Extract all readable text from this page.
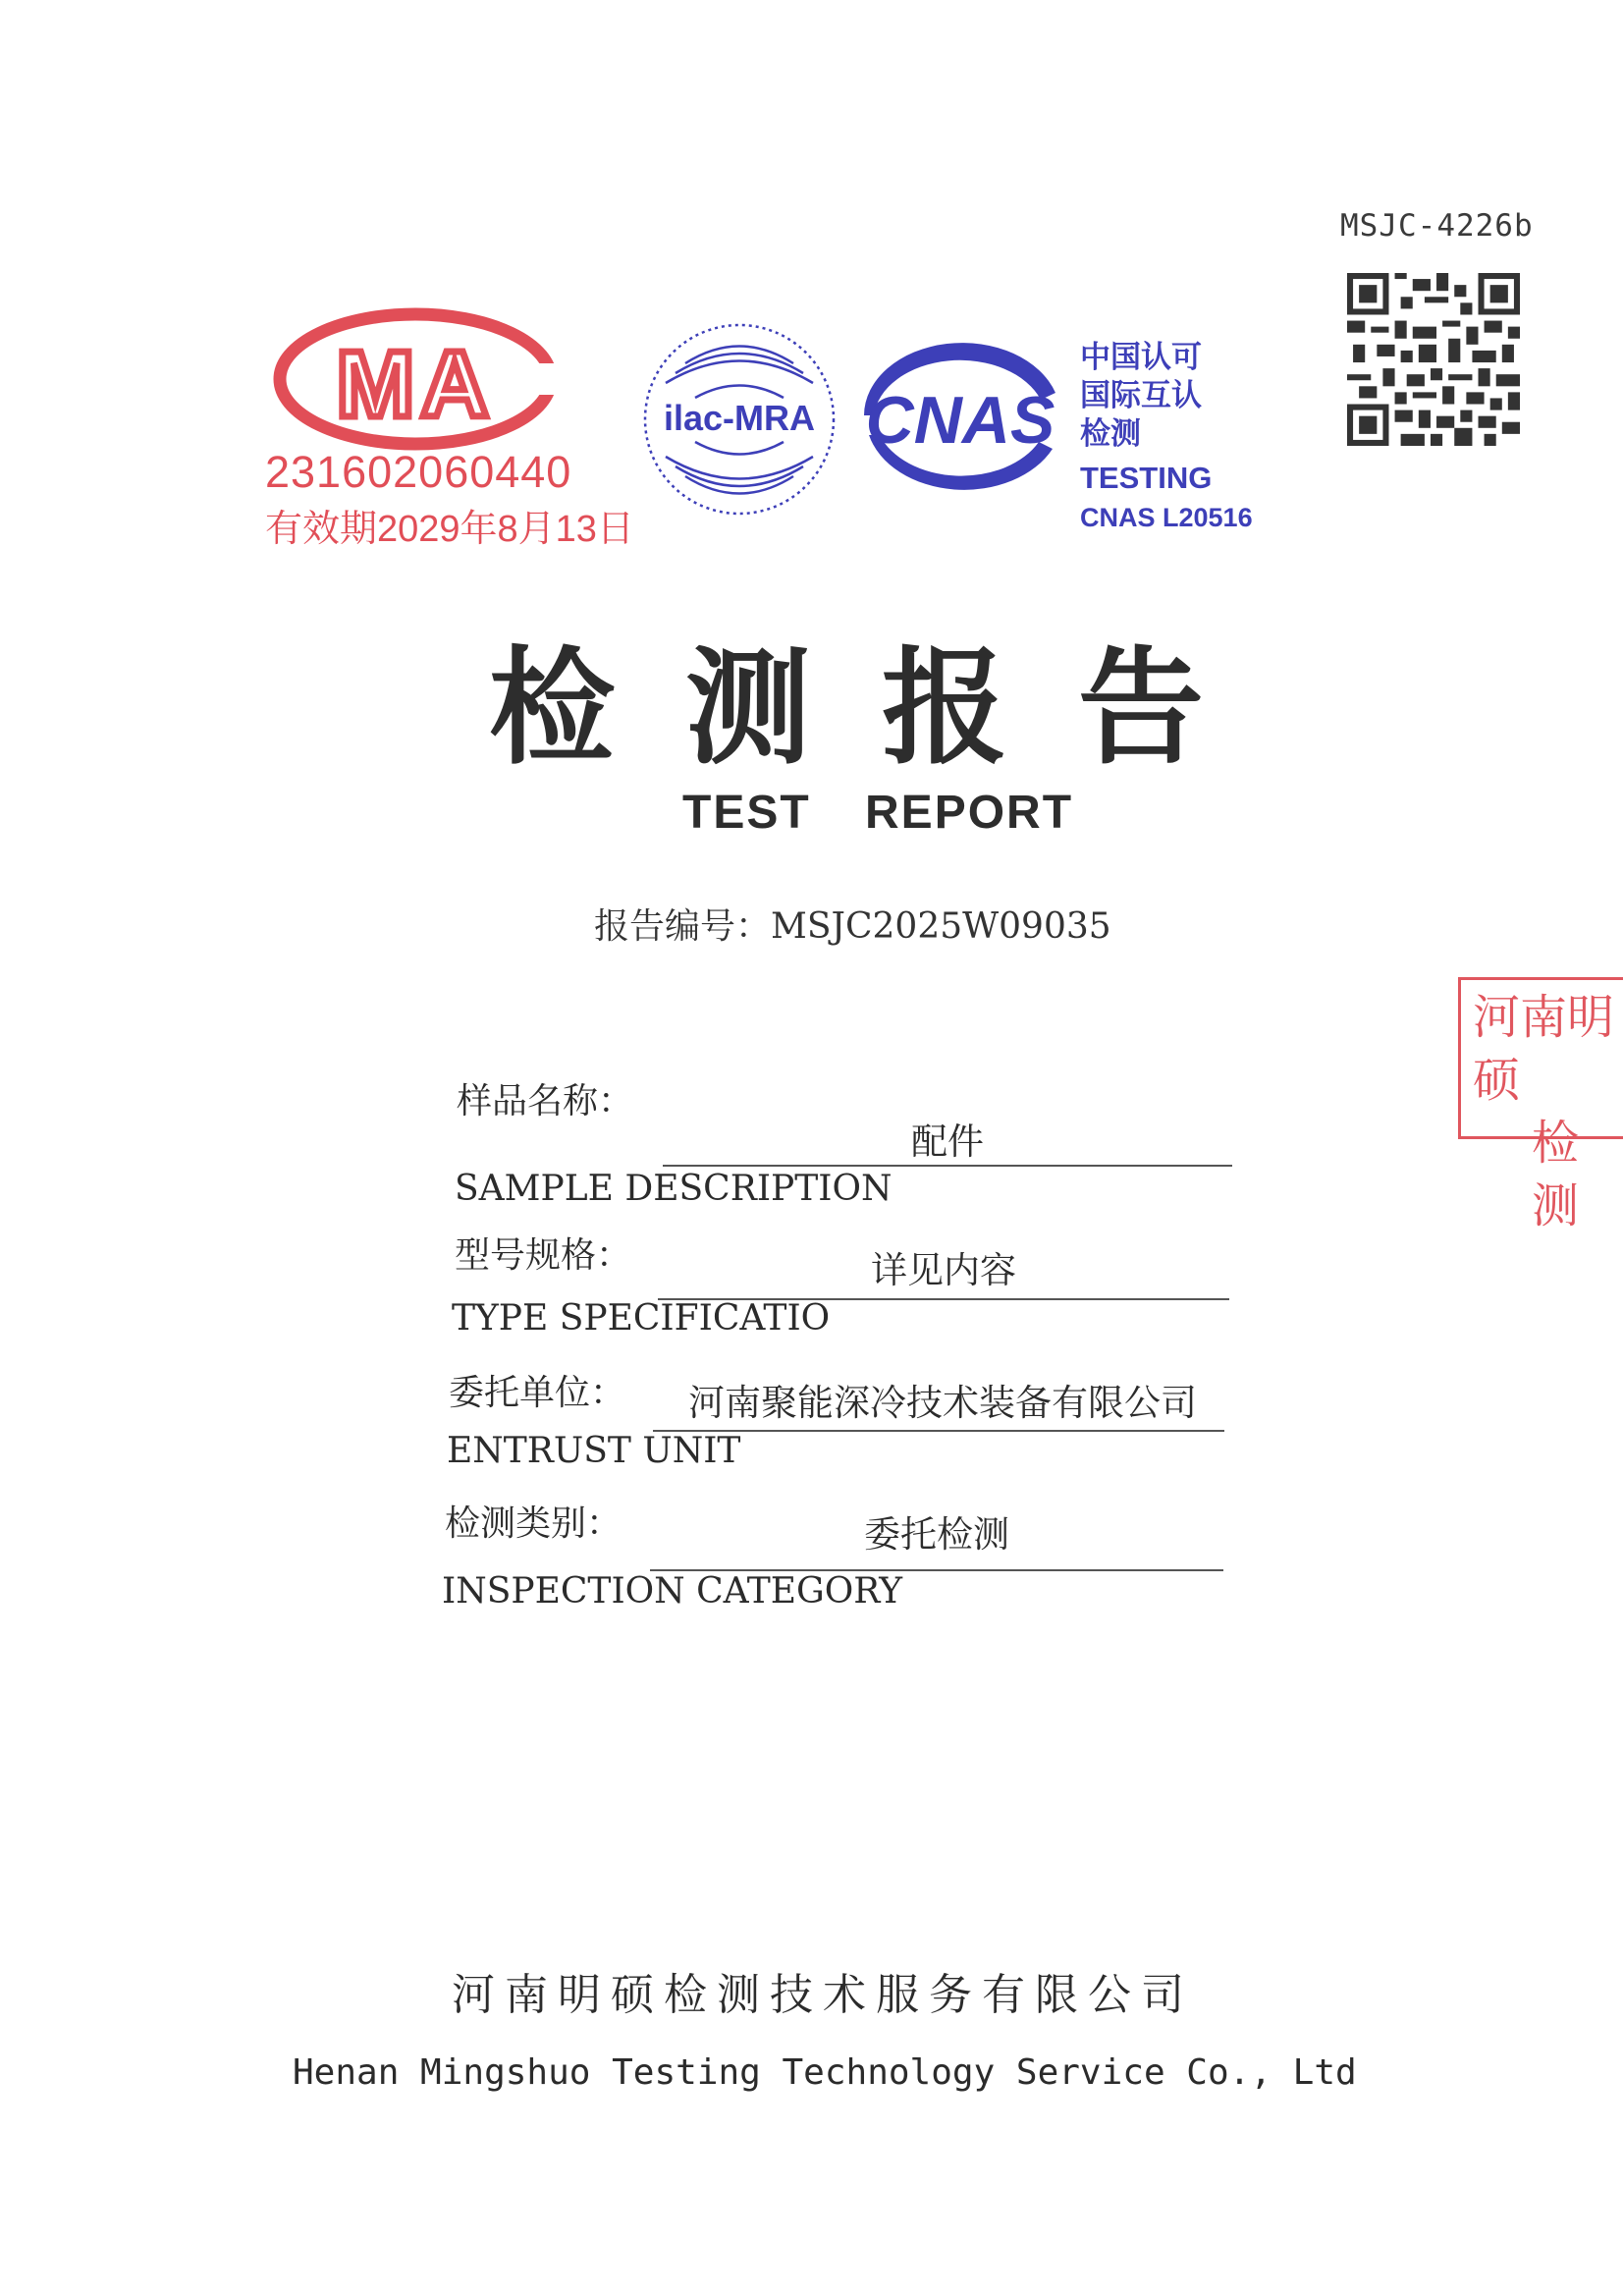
MSJC-4226b
MA
231602060440
有效期2029年8月13日
ilac-MRA CNAS
中国认可
国际互认
检测
TESTING
CNAS L20516
检测报告
TEST REPORT
报告编号：MSJC2025W09035
河南明硕
检测
样品名称：
配件
SAMPLE DESCRIPTION
型号规格：	详见内容
TYPE SPECIFICATIO
委托单位：	河南聚能深冷技术装备有限公司
ENTRUST UNIT
检测类别：	委托检测
INSPECTION CATEGORY
河南明硕检测技术服务有限公司
Henan Mingshuo Testing Technology Service Co., Ltd
